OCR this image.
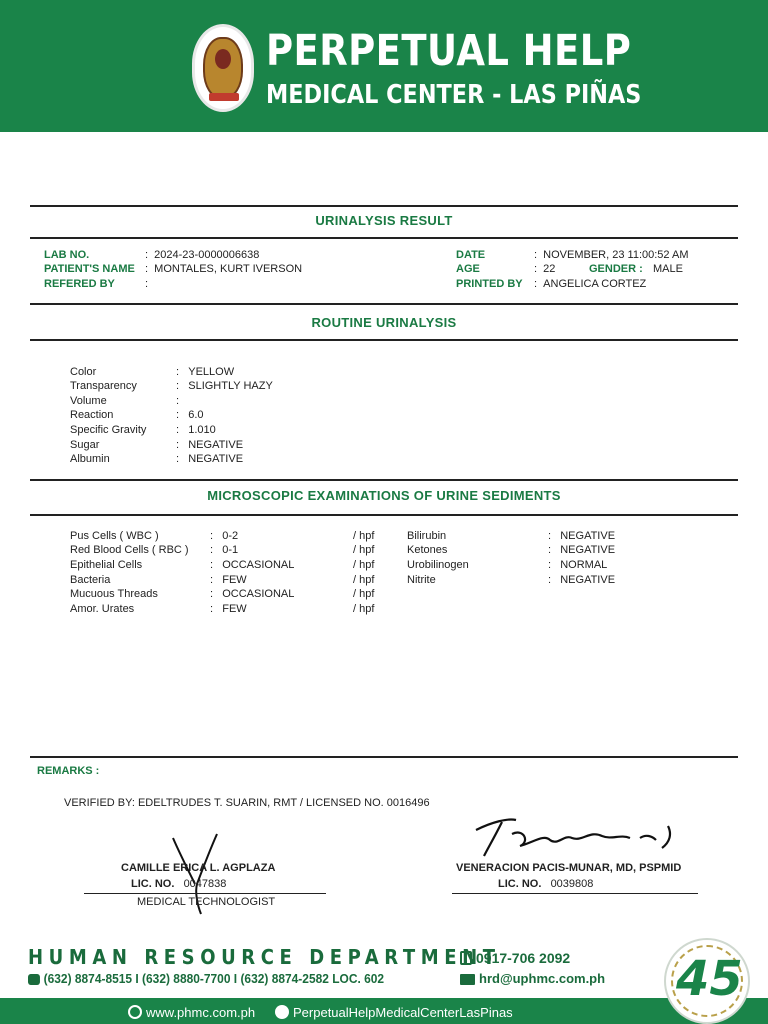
PERPETUAL HELP
MEDICAL CENTER - LAS PIÑAS
URINALYSIS RESULT
LAB NO.	:  2024-23-0000006638
PATIENT'S NAME :  MONTALES, KURT IVERSON
REFERED BY	:
DATE	:  NOVEMBER, 23 11:00:52 AM
AGE	:  22	GENDER : MALE
PRINTED BY :  ANGELICA CORTEZ
ROUTINE URINALYSIS
Color	:   YELLOW
Transparency	:   SLIGHTLY HAZY
Volume	:
Reaction	:   6.0
Specific Gravity	:   1.010
Sugar	:   NEGATIVE
Albumin	:   NEGATIVE
MICROSCOPIC EXAMINATIONS OF URINE SEDIMENTS
Pus Cells ( WBC )	:   0-2	/ hpf
Red Blood Cells ( RBC ) :   0-1	/ hpf
Epithelial Cells	:   OCCASIONAL	/ hpf
Bacteria	:   FEW	/ hpf
Mucuous Threads	:   OCCASIONAL	/ hpf
Amor. Urates	:   FEW	/ hpf
Bilirubin	:   NEGATIVE
Ketones	:   NEGATIVE
Urobilinogen	:   NORMAL
Nitrite	:   NEGATIVE
REMARKS :
VERIFIED BY: EDELTRUDES T. SUARIN, RMT / LICENSED NO. 0016496
CAMILLE ERICA L. AGPLAZA
LIC. NO. 0047838
MEDICAL TECHNOLOGIST
VENERACION PACIS-MUNAR, MD, PSPMID
LIC. NO. 0039808
HUMAN RESOURCE DEPARTMENT
(632) 8874-8515 I (632) 8880-7700 I (632) 8874-2582 LOC. 602
0917-706 2092
hrd@uphmc.com.ph
www.phmc.com.ph	PerpetualHelpMedicalCenterLasPinas
45
